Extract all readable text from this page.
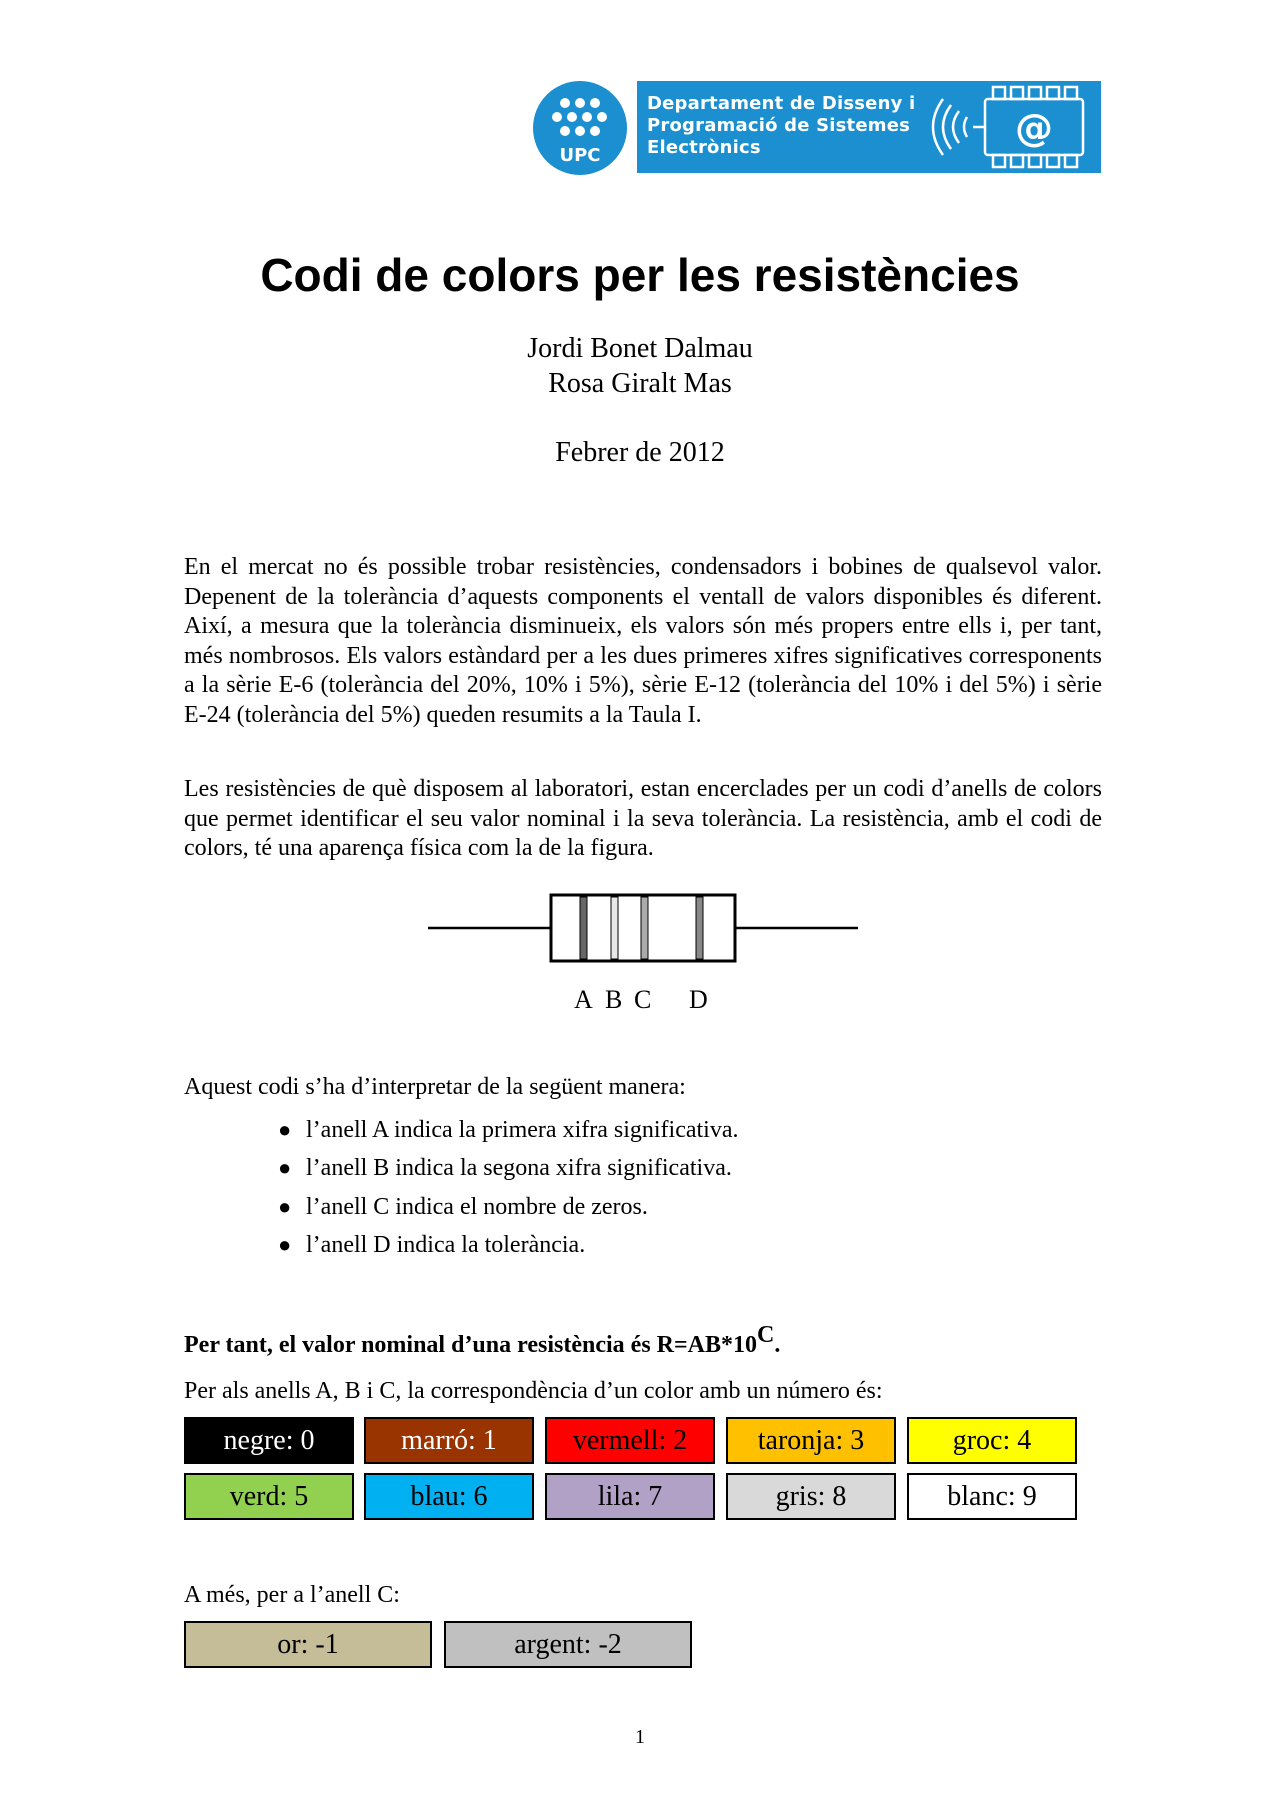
UPC
@
Departament de Disseny i
Programació de Sistemes
Electrònics
Codi de colors per les resistències
Jordi Bonet Dalmau
Rosa Giralt Mas
Febrer de 2012
En el mercat no és possible trobar resistències, condensadors i bobines de qualsevol valor. Depenent de la tolerància d’aquests components el ventall de valors disponibles és diferent. Així, a mesura que la tolerància disminueix, els valors són més propers entre ells i, per tant, més nombrosos. Els valors estàndard per a les dues primeres xifres significatives corresponents a la sèrie E-6 (tolerància del 20%, 10% i 5%), sèrie E-12 (tolerància del 10% i del 5%) i sèrie E-24 (tolerància del 5%) queden resumits a la Taula I.
Les resistències de què disposem al laboratori, estan encerclades per un codi d’anells de colors que permet identificar el seu valor nominal i la seva tolerància. La resistència, amb el codi de colors, té una aparença física com la de la figura.
A B C D
Aquest codi s’ha d’interpretar de la següent manera:
● l’anell A indica la primera xifra significativa.
● l’anell B indica la segona xifra significativa.
● l’anell C indica el nombre de zeros.
● l’anell D indica la tolerància.
Per tant, el valor nominal d’una resistència és $R=AB*10^C$.
Per als anells A, B i C, la correspondència d’un color amb un número és:
negre: 0	marró: 1	vermell: 2	taronja: 3	groc: 4
verd: 5	blau: 6	lila: 7	gris: 8	blanc: 9
A més, per a l’anell C:
or: -1	argent: -2
1
